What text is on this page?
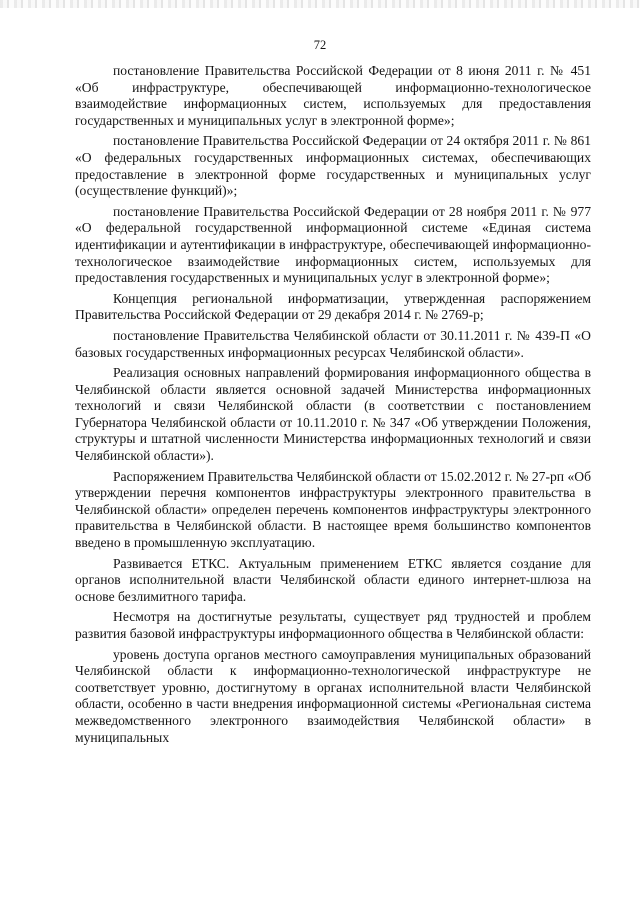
72

постановление Правительства Российской Федерации от 8 июня 2011 г. № 451 «Об инфраструктуре, обеспечивающей информационно-технологическое взаимодействие информационных систем, используемых для предоставления государственных и муниципальных услуг в электронной форме»;

постановление Правительства Российской Федерации от 24 октября 2011 г. № 861 «О федеральных государственных информационных системах, обеспечивающих предоставление в электронной форме государственных и муниципальных услуг (осуществление функций)»;

постановление Правительства Российской Федерации от 28 ноября 2011 г. № 977 «О федеральной государственной информационной системе «Единая система идентификации и аутентификации в инфраструктуре, обеспечивающей информационно-технологическое взаимодействие информационных систем, используемых для предоставления государственных и муниципальных услуг в электронной форме»;

Концепция региональной информатизации, утвержденная распоряжением Правительства Российской Федерации от 29 декабря 2014 г. № 2769-р;

постановление Правительства Челябинской области от 30.11.2011 г. № 439-П «О базовых государственных информационных ресурсах Челябинской области».

Реализация основных направлений формирования информационного общества в Челябинской области является основной задачей Министерства информационных технологий и связи Челябинской области (в соответствии с постановлением Губернатора Челябинской области от 10.11.2010 г. № 347 «Об утверждении Положения, структуры и штатной численности Министерства информационных технологий и связи Челябинской области»).

Распоряжением Правительства Челябинской области от 15.02.2012 г. № 27-рп «Об утверждении перечня компонентов инфраструктуры электронного правительства в Челябинской области» определен перечень компонентов инфраструктуры электронного правительства в Челябинской области. В настоящее время большинство компонентов введено в промышленную эксплуатацию.

Развивается ЕТКС. Актуальным применением ЕТКС является создание для органов исполнительной власти Челябинской области единого интернет-шлюза на основе безлимитного тарифа.

Несмотря на достигнутые результаты, существует ряд трудностей и проблем развития базовой инфраструктуры информационного общества в Челябинской области:

уровень доступа органов местного самоуправления муниципальных образований Челябинской области к информационно-технологической инфраструктуре не соответствует уровню, достигнутому в органах исполнительной власти Челябинской области, особенно в части внедрения информационной системы «Региональная система межведомственного электронного взаимодействия Челябинской области» в муниципальных
